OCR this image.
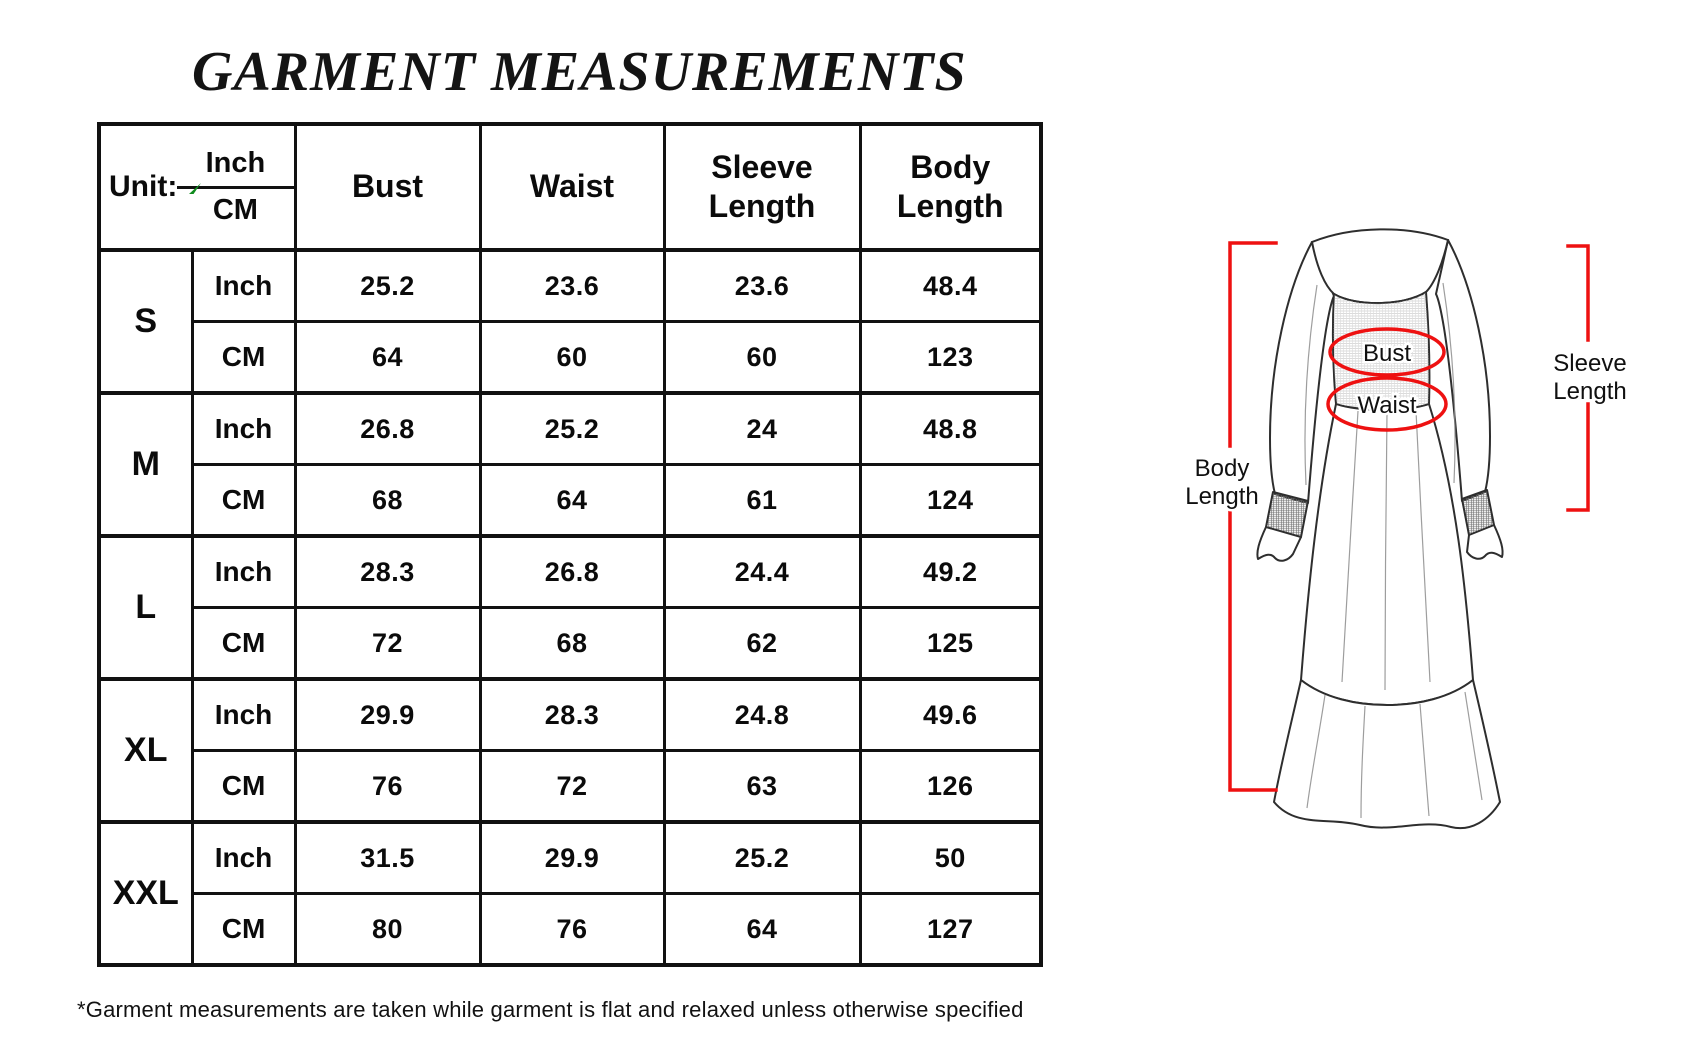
GARMENT MEASUREMENTS
Unit: $\frac{\text{Inch}}{CM}$		Bust	Waist	Sleeve Length	Body Length
S	Inch	25.2	23.6	23.6	48.4
	CM	64	60	60	123
M	Inch	26.8	25.2	24	48.8
	CM	68	64	61	124
L	Inch	28.3	26.8	24.4	49.2
	CM	72	68	62	125
XL	Inch	29.9	28.3	24.8	49.6
	CM	76	72	63	126
XXL	Inch	31.5	29.9	25.2	50
	CM	80	76	64	127
Bust
Waist
Body
Length
Sleeve
Length
*Garment measurements are taken while garment is flat and relaxed unless otherwise specified
